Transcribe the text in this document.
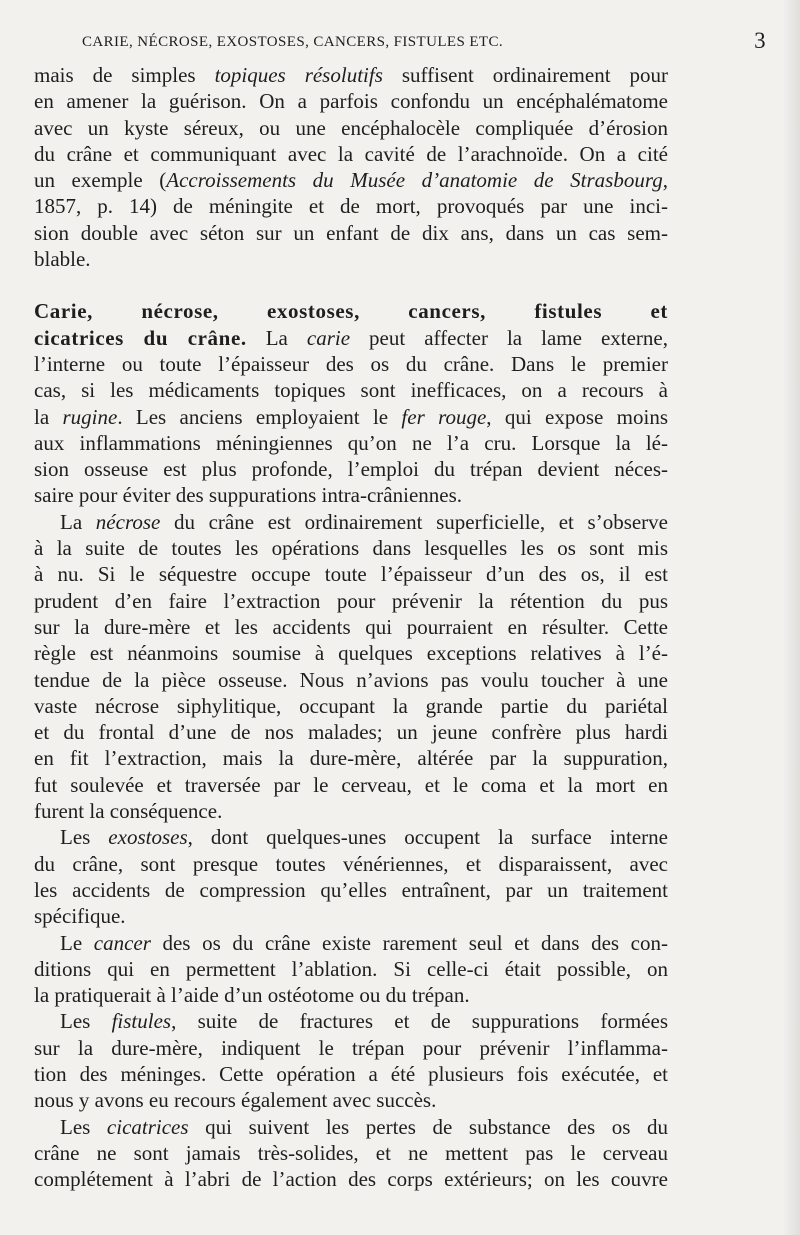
CARIE, NÉCROSE, EXOSTOSES, CANCERS, FISTULES ETC.	3
mais de simples topiques résolutifs suffisent ordinairement pour
en amener la guérison. On a parfois confondu un encéphalématome
avec un kyste séreux, ou une encéphalocèle compliquée d’érosion
du crâne et communiquant avec la cavité de l’arachnoïde. On a cité
un exemple (Accroissements du Musée d’anatomie de Strasbourg,
1857, p. 14) de méningite et de mort, provoqués par une inci-
sion double avec séton sur un enfant de dix ans, dans un cas sem-
blable.
Carie, nécrose, exostoses, cancers, fistules et
cicatrices du crâne. La carie peut affecter la lame externe,
l’interne ou toute l’épaisseur des os du crâne. Dans le premier
cas, si les médicaments topiques sont inefficaces, on a recours à
la rugine. Les anciens employaient le fer rouge, qui expose moins
aux inflammations méningiennes qu’on ne l’a cru. Lorsque la lé-
sion osseuse est plus profonde, l’emploi du trépan devient néces-
saire pour éviter des suppurations intra-crâniennes.
La nécrose du crâne est ordinairement superficielle, et s’observe
à la suite de toutes les opérations dans lesquelles les os sont mis
à nu. Si le séquestre occupe toute l’épaisseur d’un des os, il est
prudent d’en faire l’extraction pour prévenir la rétention du pus
sur la dure-mère et les accidents qui pourraient en résulter. Cette
règle est néanmoins soumise à quelques exceptions relatives à l’é-
tendue de la pièce osseuse. Nous n’avions pas voulu toucher à une
vaste nécrose siphylitique, occupant la grande partie du pariétal
et du frontal d’une de nos malades; un jeune confrère plus hardi
en fit l’extraction, mais la dure-mère, altérée par la suppuration,
fut soulevée et traversée par le cerveau, et le coma et la mort en
furent la conséquence.
Les exostoses, dont quelques-unes occupent la surface interne
du crâne, sont presque toutes vénériennes, et disparaissent, avec
les accidents de compression qu’elles entraînent, par un traitement
spécifique.
Le cancer des os du crâne existe rarement seul et dans des con-
ditions qui en permettent l’ablation. Si celle-ci était possible, on
la pratiquerait à l’aide d’un ostéotome ou du trépan.
Les fistules, suite de fractures et de suppurations formées
sur la dure-mère, indiquent le trépan pour prévenir l’inflamma-
tion des méninges. Cette opération a été plusieurs fois exécutée, et
nous y avons eu recours également avec succès.
Les cicatrices qui suivent les pertes de substance des os du
crâne ne sont jamais très-solides, et ne mettent pas le cerveau
complétement à l’abri de l’action des corps extérieurs; on les couvre
